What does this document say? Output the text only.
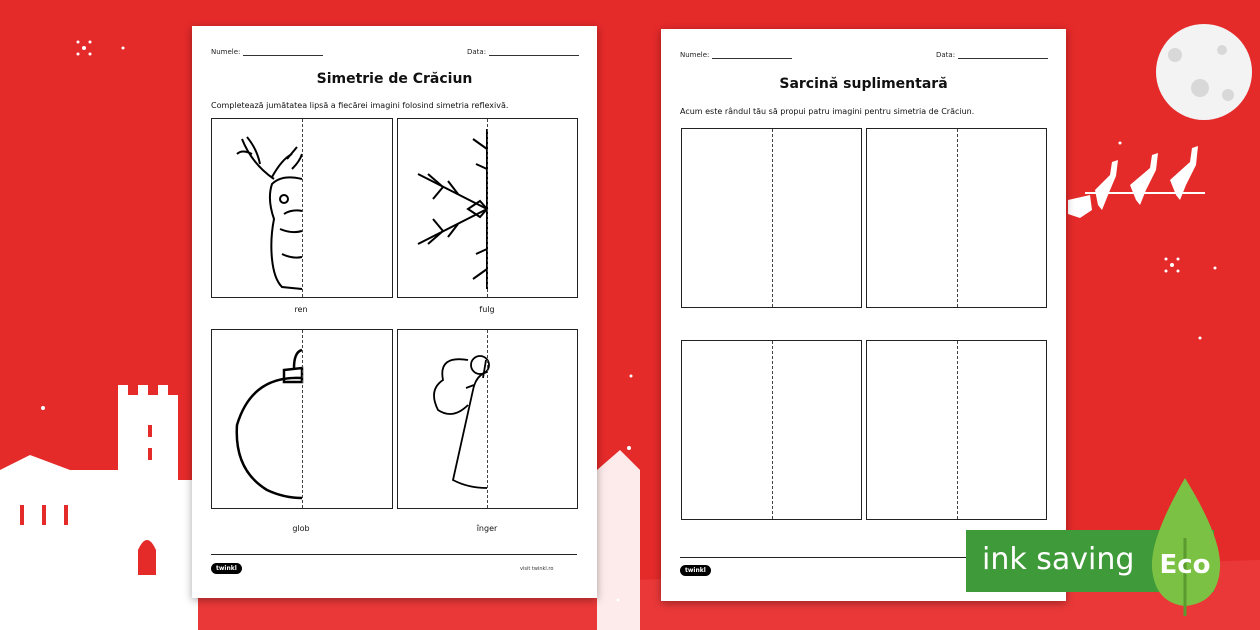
Numele:	Data:
Simetrie de Crăciun
Completează jumătatea lipsă a fiecărei imagini folosind simetria reflexivă.
ren	fulg
glob	înger
twinkl	visit twinkl.ro
Numele:	Data:
Sarcină suplimentară
Acum este rândul tău să propui patru imagini pentru simetria de Crăciun.
twinkl	ink saving Eco
